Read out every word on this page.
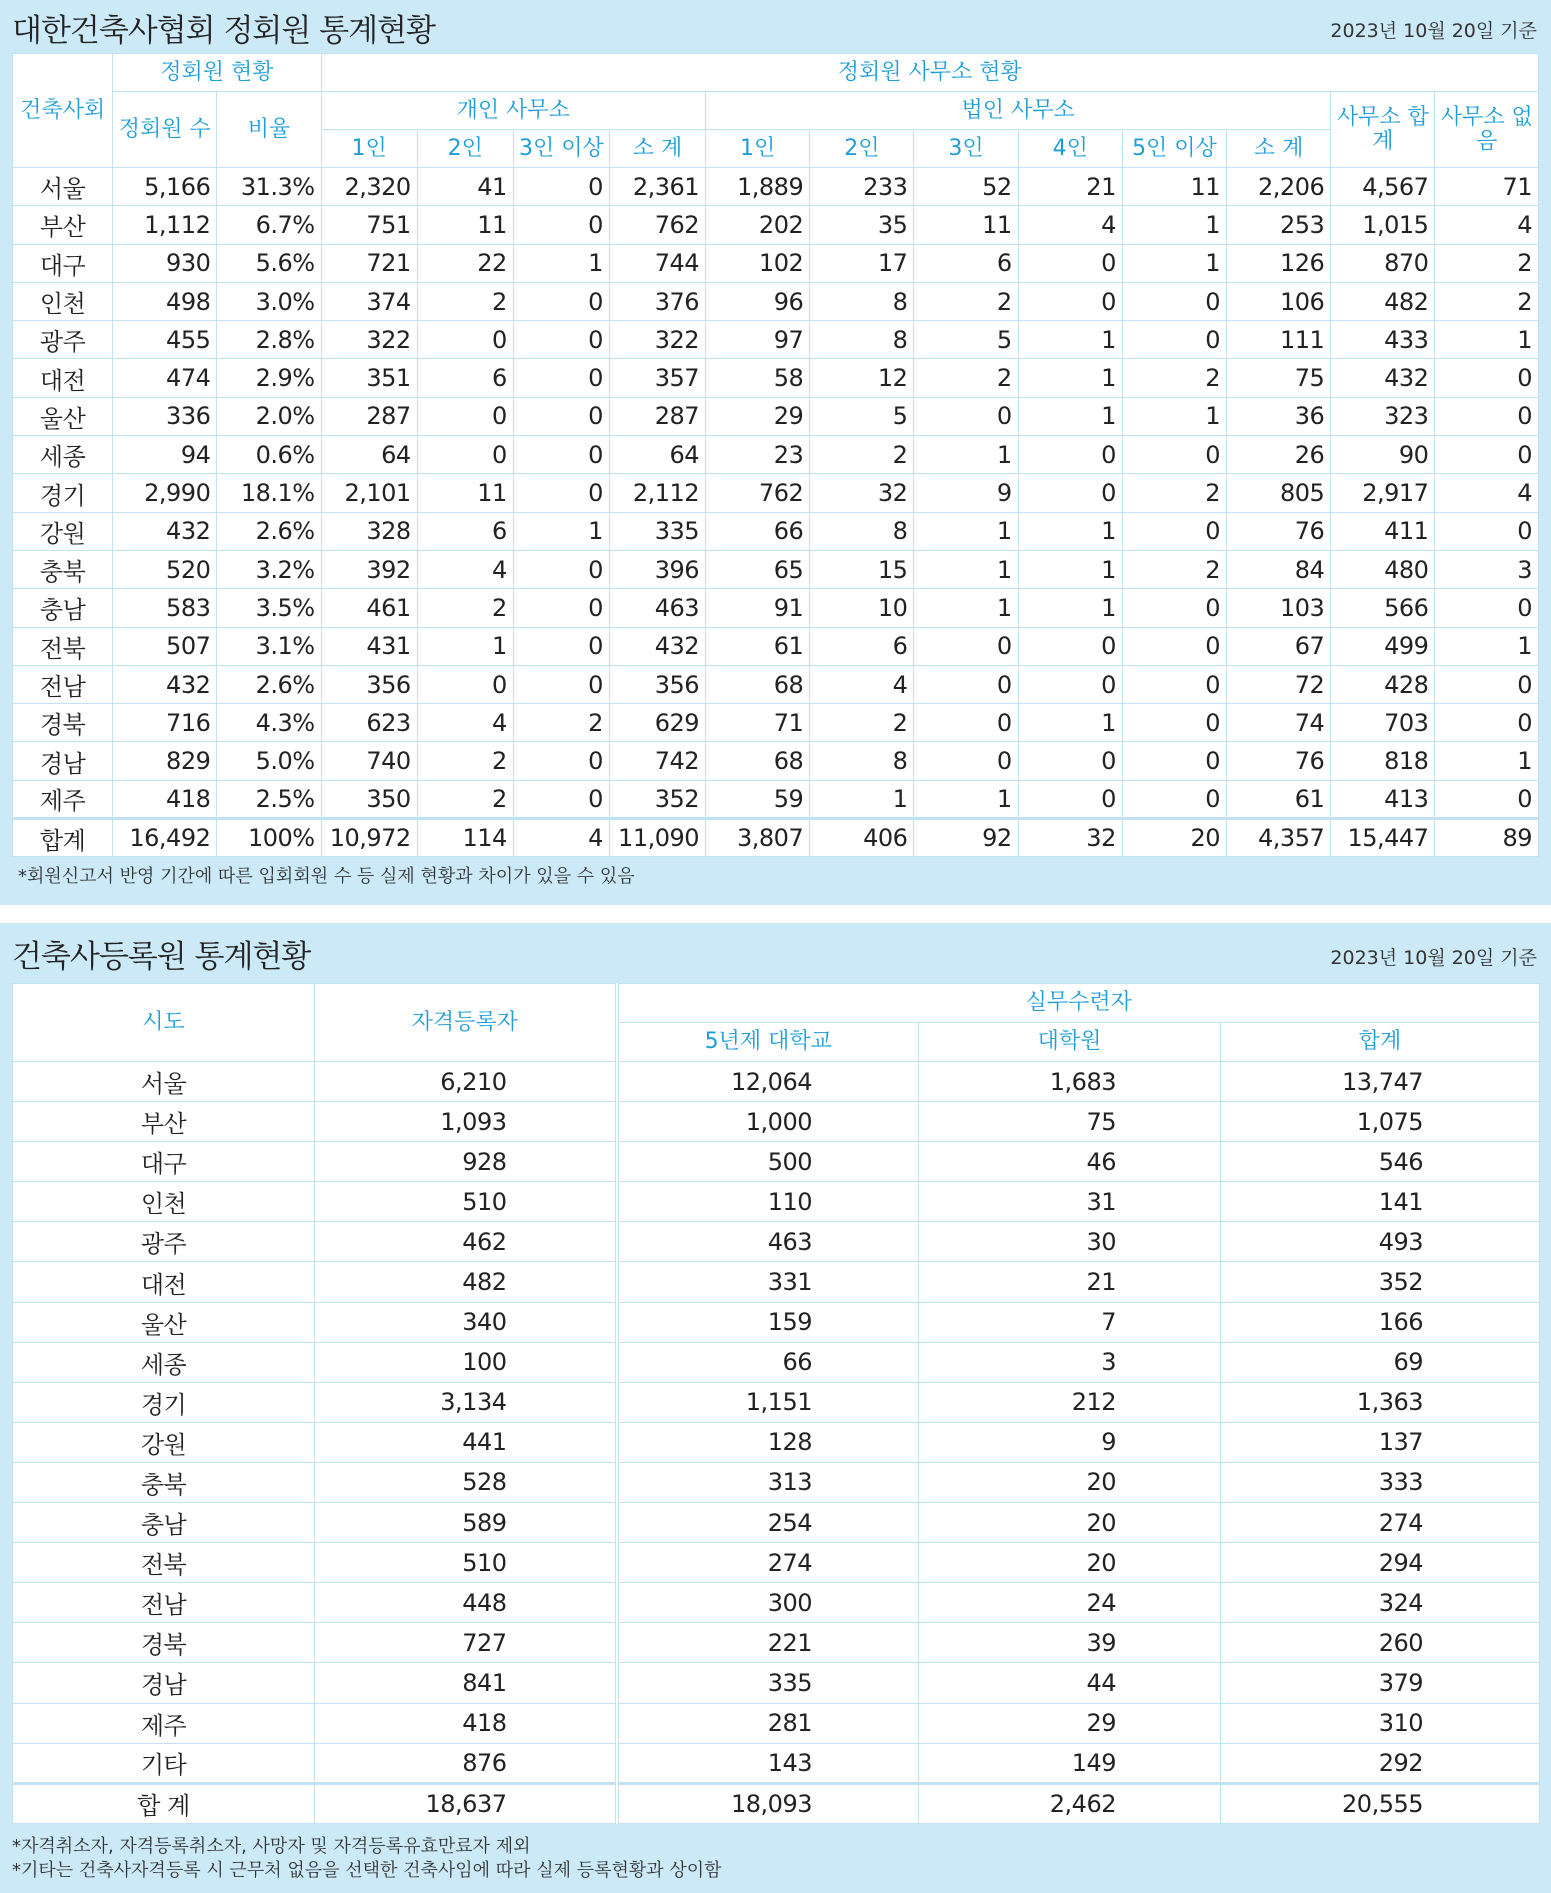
대한건축사협회 정회원 통계현황	2023년 10월 20일 기준
건축사회	정회원 현황		정회원 사무소 현황											
	정회원 수	비율	개인 사무소				법인 사무소						사무소 합계	사무소 없음
			1인	2인	3인 이상	소 계	1인	2인	3인	4인	5인 이상	소 계		
서울	5,166	31.3%	2,320	41	0	2,361	1,889	233	52	21	11	2,206	4,567	71
부산	1,112	6.7%	751	11	0	762	202	35	11	4	1	253	1,015	4
대구	930	5.6%	721	22	1	744	102	17	6	0	1	126	870	2
인천	498	3.0%	374	2	0	376	96	8	2	0	0	106	482	2
광주	455	2.8%	322	0	0	322	97	8	5	1	0	111	433	1
대전	474	2.9%	351	6	0	357	58	12	2	1	2	75	432	0
울산	336	2.0%	287	0	0	287	29	5	0	1	1	36	323	0
세종	94	0.6%	64	0	0	64	23	2	1	0	0	26	90	0
경기	2,990	18.1%	2,101	11	0	2,112	762	32	9	0	2	805	2,917	4
강원	432	2.6%	328	6	1	335	66	8	1	1	0	76	411	0
충북	520	3.2%	392	4	0	396	65	15	1	1	2	84	480	3
충남	583	3.5%	461	2	0	463	91	10	1	1	0	103	566	0
전북	507	3.1%	431	1	0	432	61	6	0	0	0	67	499	1
전남	432	2.6%	356	0	0	356	68	4	0	0	0	72	428	0
경북	716	4.3%	623	4	2	629	71	2	0	1	0	74	703	0
경남	829	5.0%	740	2	0	742	68	8	0	0	0	76	818	1
제주	418	2.5%	350	2	0	352	59	1	1	0	0	61	413	0
합계	16,492	100%	10,972	114	4	11,090	3,807	406	92	32	20	4,357	15,447	89
*회원신고서 반영 기간에 따른 입회회원 수 등 실제 현황과 차이가 있을 수 있음
건축사등록원 통계현황	2023년 10월 20일 기준
시도	자격등록자	실무수련자		
		5년제 대학교	대학원	합계
서울	6,210	12,064	1,683	13,747
부산	1,093	1,000	75	1,075
대구	928	500	46	546
인천	510	110	31	141
광주	462	463	30	493
대전	482	331	21	352
울산	340	159	7	166
세종	100	66	3	69
경기	3,134	1,151	212	1,363
강원	441	128	9	137
충북	528	313	20	333
충남	589	254	20	274
전북	510	274	20	294
전남	448	300	24	324
경북	727	221	39	260
경남	841	335	44	379
제주	418	281	29	310
기타	876	143	149	292
합 계	18,637	18,093	2,462	20,555
*자격취소자, 자격등록취소자, 사망자 및 자격등록유효만료자 제외
*기타는 건축사자격등록 시 근무처 없음을 선택한 건축사임에 따라 실제 등록현황과 상이함
